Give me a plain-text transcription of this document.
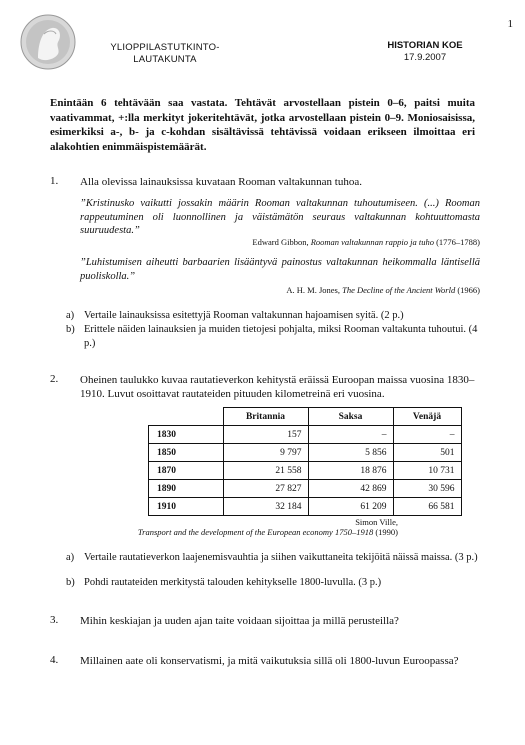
1
YLIOPPILASTUTKINTO-
LAUTAKUNTA
HISTORIAN KOE
17.9.2007
Enintään 6 tehtävään saa vastata. Tehtävät arvostellaan pistein 0–6, paitsi muita vaativammat, +:lla merkityt jokeritehtävät, jotka arvostellaan pistein 0–9. Moniosaisissa, esimerkiksi a-, b- ja c-kohdan sisältävissä tehtävissä voidaan erikseen ilmoittaa eri alakohtien enimmäispistemäärät.
1. Alla olevissa lainauksissa kuvataan Rooman valtakunnan tuhoa.
”Kristinusko vaikutti jossakin määrin Rooman valtakunnan tuhoutumiseen. (...) Rooman rappeutuminen oli luonnollinen ja väistämätön seuraus valtakunnan kohtuuttomasta suuruudesta.”
Edward Gibbon, Rooman valtakunnan rappio ja tuho (1776–1788)
”Luhistumisen aiheutti barbaarien lisääntyvä painostus valtakunnan heikommalla läntisellä puoliskolla.”
A. H. M. Jones, The Decline of the Ancient World (1966)
a) Vertaile lainauksissa esitettyjä Rooman valtakunnan hajoamisen syitä. (2 p.)
b) Erittele näiden lainauksien ja muiden tietojesi pohjalta, miksi Rooman valtakunta tuhoutui. (4 p.)
2. Oheinen taulukko kuvaa rautatieverkon kehitystä eräissä Euroopan maissa vuosina 1830–1910. Luvut osoittavat rautateiden pituuden kilometreinä eri vuosina.
	Britannia	Saksa	Venäjä
1830	157	–	–
1850	9 797	5 856	501
1870	21 558	18 876	10 731
1890	27 827	42 869	30 596
1910	32 184	61 209	66 581
Simon Ville,
Transport and the development of the European economy 1750–1918 (1990)
a) Vertaile rautatieverkon laajenemisvauhtia ja siihen vaikuttaneita tekijöitä näissä maissa. (3 p.)
b) Pohdi rautateiden merkitystä talouden kehitykselle 1800-luvulla. (3 p.)
3. Mihin keskiajan ja uuden ajan taite voidaan sijoittaa ja millä perusteilla?
4. Millainen aate oli konservatismi, ja mitä vaikutuksia sillä oli 1800-luvun Euroopassa?
